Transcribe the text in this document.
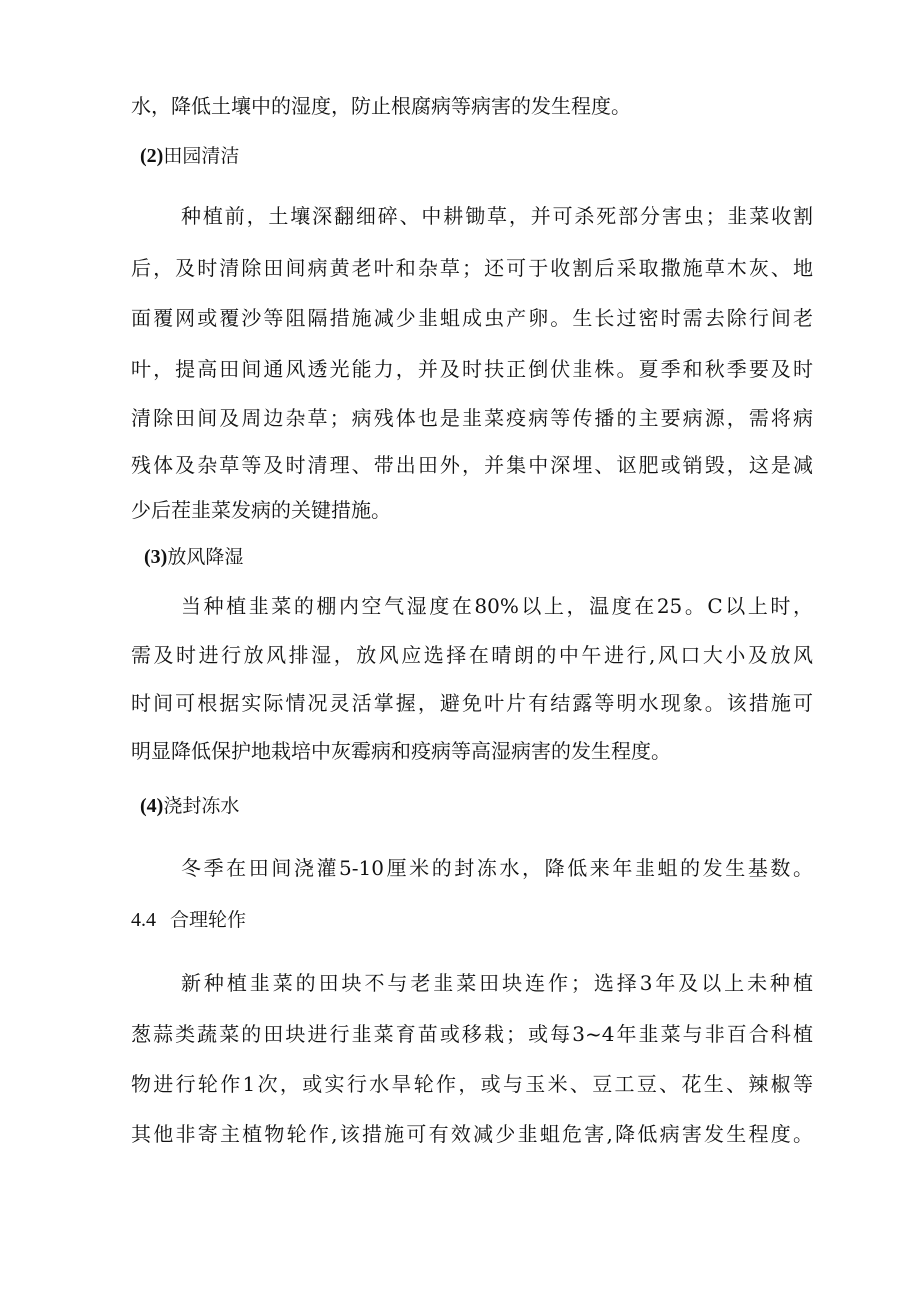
水，降低土壤中的湿度，防止根腐病等病害的发生程度。
(2)田园清洁
种植前，土壤深翻细碎、中耕锄草，并可杀死部分害虫；韭菜收割
后，及时清除田间病黄老叶和杂草；还可于收割后采取撒施草木灰、地
面覆网或覆沙等阻隔措施减少韭蛆成虫产卵。生长过密时需去除行间老
叶，提高田间通风透光能力，并及时扶正倒伏韭株。夏季和秋季要及时
清除田间及周边杂草；病残体也是韭菜疫病等传播的主要病源，需将病
残体及杂草等及时清理、带出田外，并集中深埋、讴肥或销毁，这是减
少后茬韭菜发病的关键措施。
(3)放风降湿
当种植韭菜的棚内空气湿度在80%以上，温度在25。C以上时，
需及时进行放风排湿，放风应选择在晴朗的中午进行,风口大小及放风
时间可根据实际情况灵活掌握，避免叶片有结露等明水现象。该措施可
明显降低保护地栽培中灰霉病和疫病等高湿病害的发生程度。
(4)浇封冻水
冬季在田间浇灌5-10厘米的封冻水，降低来年韭蛆的发生基数。
4.4 合理轮作
新种植韭菜的田块不与老韭菜田块连作；选择3年及以上未种植
葱蒜类蔬菜的田块进行韭菜育苗或移栽；或每3~4年韭菜与非百合科植
物进行轮作1次，或实行水旱轮作，或与玉米、豆工豆、花生、辣椒等
其他非寄主植物轮作,该措施可有效减少韭蛆危害,降低病害发生程度。
